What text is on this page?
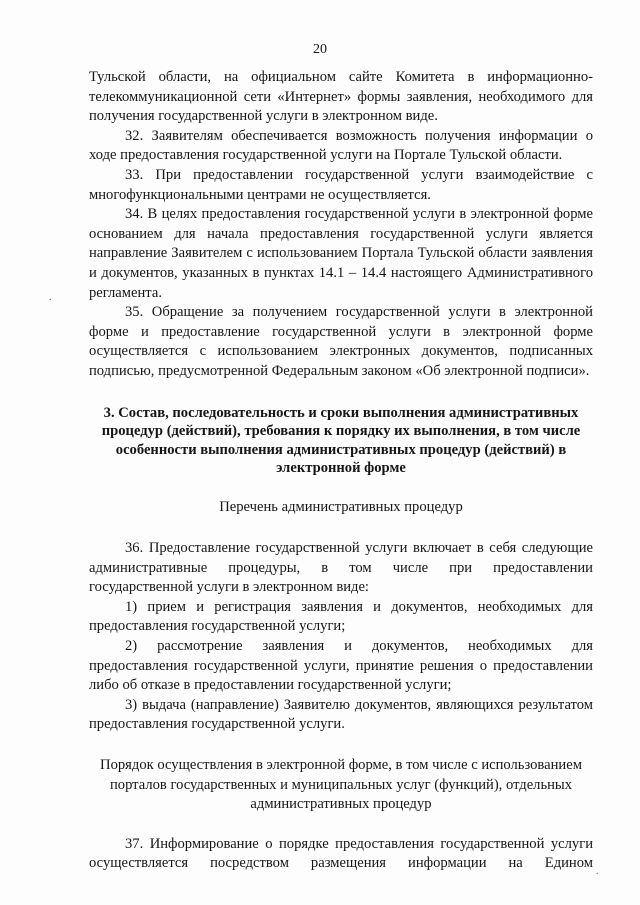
20

Тульской области, на официальном сайте Комитета в информационно-телекоммуникационной сети «Интернет» формы заявления, необходимого для получения государственной услуги в электронном виде.

32. Заявителям обеспечивается возможность получения информации о ходе предоставления государственной услуги на Портале Тульской области.

33. При предоставлении государственной услуги взаимодействие с многофункциональными центрами не осуществляется.

34. В целях предоставления государственной услуги в электронной форме основанием для начала предоставления государственной услуги является направление Заявителем с использованием Портала Тульской области заявления и документов, указанных в пунктах 14.1 – 14.4 настоящего Административного регламента.

35. Обращение за получением государственной услуги в электронной форме и предоставление государственной услуги в электронной форме осуществляется с использованием электронных документов, подписанных подписью, предусмотренной Федеральным законом «Об электронной подписи».

3. Состав, последовательность и сроки выполнения административных процедур (действий), требования к порядку их выполнения, в том числе особенности выполнения административных процедур (действий) в электронной форме

Перечень административных процедур

36. Предоставление государственной услуги включает в себя следующие административные процедуры, в том числе при предоставлении государственной услуги в электронном виде:

1) прием и регистрация заявления и документов, необходимых для предоставления государственной услуги;

2) рассмотрение заявления и документов, необходимых для предоставления государственной услуги, принятие решения о предоставлении либо об отказе в предоставлении государственной услуги;

3) выдача (направление) Заявителю документов, являющихся результатом предоставления государственной услуги.

Порядок осуществления в электронной форме, в том числе с использованием порталов государственных и муниципальных услуг (функций), отдельных административных процедур

37. Информирование о порядке предоставления государственной услуги осуществляется посредством размещения информации на Едином

.
.
